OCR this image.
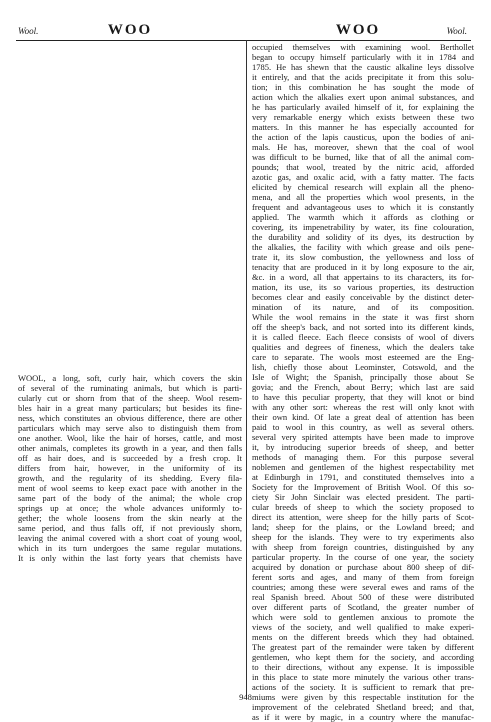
Wool.	WOO	WOO	Wool.
WOOL, a long, soft, curly hair, which covers the skin
of several of the ruminating animals, but which is parti-
cularly cut or shorn from that of the sheep. Wool resem-
bles hair in a great many particulars; but besides its fine-
ness, which constitutes an obvious difference, there are other
particulars which may serve also to distinguish them from
one another. Wool, like the hair of horses, cattle, and most
other animals, completes its growth in a year, and then falls
off as hair does, and is succeeded by a fresh crop. It
differs from hair, however, in the uniformity of its
growth, and the regularity of its shedding. Every fila-
ment of wool seems to keep exact pace with another in the
same part of the body of the animal; the whole crop
springs up at once; the whole advances uniformly to-
gether; the whole loosens from the skin nearly at the
same period, and thus falls off, if not previously shorn,
leaving the animal covered with a short coat of young wool,
which in its turn undergoes the same regular mutations.
It is only within the last forty years that chemists have
occupied themselves with examining wool. Berthollet
began to occupy himself particularly with it in 1784 and
1785. He has shewn that the caustic alkaline leys dissolve
it entirely, and that the acids precipitate it from this solu-
tion; in this combination he has sought the mode of
action which the alkalies exert upon animal substances, and
he has particularly availed himself of it, for explaining the
very remarkable energy which exists between these two
matters. In this manner he has especially accounted for
the action of the lapis causticus, upon the bodies of ani-
mals. He has, moreover, shewn that the coal of wool
was difficult to be burned, like that of all the animal com-
pounds; that wool, treated by the nitric acid, afforded
azotic gas, and oxalic acid, with a fatty matter. The facts
elicited by chemical research will explain all the pheno-
mena, and all the properties which wool presents, in the
frequent and advantageous uses to which it is constantly
applied. The warmth which it affords as clothing or
covering, its impenetrability by water, its fine colouration,
the durability and solidity of its dyes, its destruction by
the alkalies, the facility with which grease and oils pene-
trate it, its slow combustion, the yellowness and loss of
tenacity that are produced in it by long exposure to the air,
&c. in a word, all that appertains to its characters, its for-
mation, its use, its so various properties, its destruction
becomes clear and easily conceivable by the distinct deter-
mination of its nature, and of its composition.
While the wool remains in the state it was first shorn
off the sheep's back, and not sorted into its different kinds,
it is called fleece. Each fleece consists of wool of divers
qualities and degrees of fineness, which the dealers take
care to separate. The wools most esteemed are the Eng-
lish, chiefly those about Leominster, Cotswold, and the
Isle of Wight; the Spanish, principally those about Se
govia; and the French, about Berry; which last are said
to have this peculiar property, that they will knot or bind
with any other sort: whereas the rest will only knot with
their own kind. Of late a great deal of attention has been
paid to wool in this country, as well as several others.
several very spirited attempts have been made to improve
it, by introducing superior breeds of sheep, and better
methods of managing them. For this purpose several
noblemen and gentlemen of the highest respectability met
at Edinburgh in 1791, and constituted themselves into a
Society for the Improvement of British Wool. Of this so-
ciety Sir John Sinclair was elected president. The parti-
cular breeds of sheep to which the society proposed to
direct its attention, were sheep for the hilly parts of Scot-
land; sheep for the plains, or the Lowland breed; and
sheep for the islands. They were to try experiments also
with sheep from foreign countries, distinguished by any
particular property. In the course of one year, the society
acquired by donation or purchase about 800 sheep of dif-
ferent sorts and ages, and many of them from foreign
countries; among these were several ewes and rams of the
real Spanish breed. About 500 of these were distributed
over different parts of Scotland, the greater number of
which were sold to gentlemen anxious to promote the
views of the society, and well qualified to make experi-
ments on the different breeds which they had obtained.
The greatest part of the remainder were taken by different
gentlemen, who kept them for the society, and according
to their directions, without any expense. It is impossible
in this place to state more minutely the various other trans-
actions of the society. It is sufficient to remark that pre-
miums were given by this respectable institution for the
improvement of the celebrated Shetland breed; and that,
as if it were by magic, in a country where the manufac-
948
